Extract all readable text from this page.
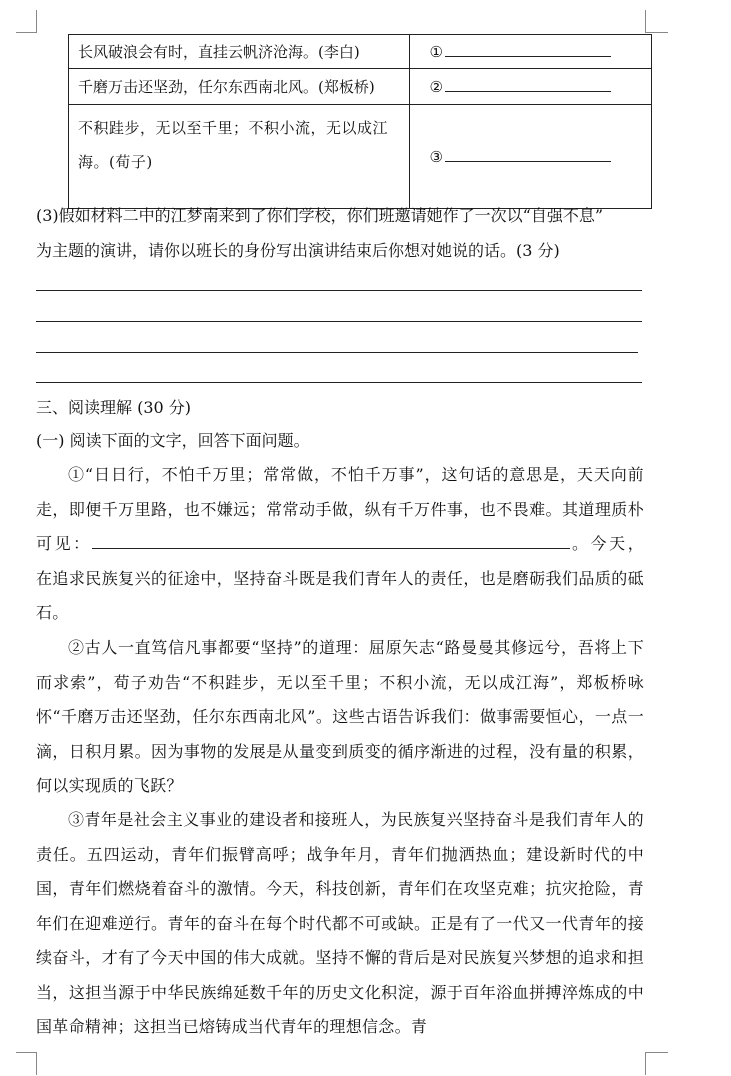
长风破浪会有时，直挂云帆济沧海。(李白)	①
千磨万击还坚劲，任尔东西南北风。(郑板桥)	②
不积跬步，无以至千里；不积小流，无以成江海。(荀子)	③
(3)假如材料二中的江梦南来到了你们学校，你们班邀请她作了一次以“自强不息”
为主题的演讲，请你以班长的身份写出演讲结束后你想对她说的话。(3 分)
三、阅读理解 (30 分)
(一) 阅读下面的文字，回答下面问题。

①“日日行，不怕千万里；常常做，不怕千万事”，这句话的意思是，天天向前走，即便千万里路，也不嫌远；常常动手做，纵有千万件事，也不畏难。其道理质朴可见：	。今天，在追求民族复兴的征途中，坚持奋斗既是我们青年人的责任，也是磨砺我们品质的砥石。

②古人一直笃信凡事都要“坚持”的道理：屈原矢志“路曼曼其修远兮，吾将上下而求索”，荀子劝告“不积跬步，无以至千里；不积小流，无以成江海”，郑板桥咏怀“千磨万击还坚劲，任尔东西南北风”。这些古语告诉我们：做事需要恒心，一点一滴，日积月累。因为事物的发展是从量变到质变的循序渐进的过程，没有量的积累，何以实现质的飞跃？

③青年是社会主义事业的建设者和接班人，为民族复兴坚持奋斗是我们青年人的责任。五四运动，青年们振臂高呼；战争年月，青年们抛洒热血；建设新时代的中国，青年们燃烧着奋斗的激情。今天，科技创新，青年们在攻坚克难；抗灾抢险，青年们在迎难逆行。青年的奋斗在每个时代都不可或缺。正是有了一代又一代青年的接续奋斗，才有了今天中国的伟大成就。坚持不懈的背后是对民族复兴梦想的追求和担当，这担当源于中华民族绵延数千年的历史文化积淀，源于百年浴血拼搏淬炼成的中国革命精神；这担当已熔铸成当代青年的理想信念。青
